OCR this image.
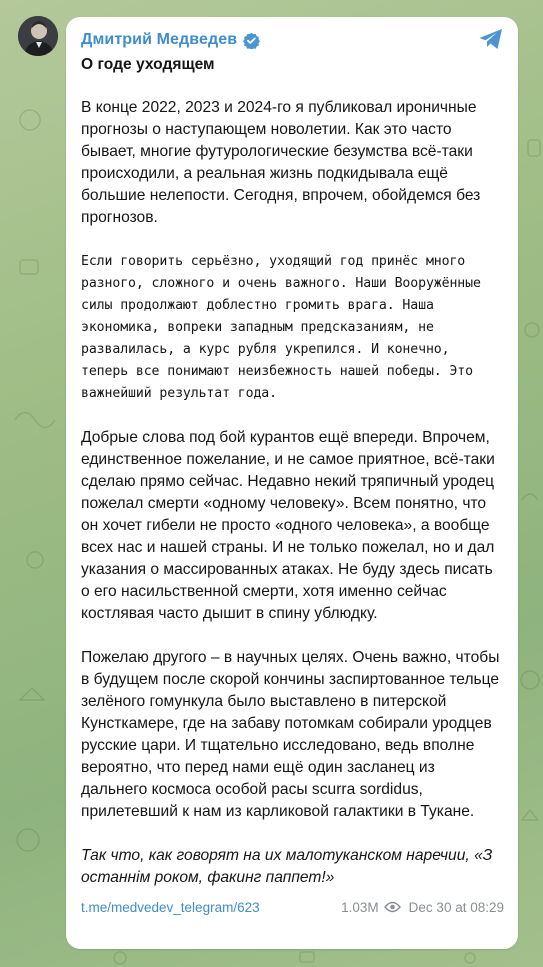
Дмитрий Медведев

О годе уходящем

В конце 2022, 2023 и 2024-го я публиковал ироничные прогнозы о наступающем новолетии. Как это часто бывает, многие футурологические безумства всё-таки происходили, а реальная жизнь подкидывала ещё большие нелепости. Сегодня, впрочем, обойдемся без прогнозов.

Если говорить серьёзно, уходящий год принёс много разного, сложного и очень важного. Наши Вооружённые силы продолжают доблестно громить врага. Наша экономика, вопреки западным предсказаниям, не развалилась, а курс рубля укрепился. И конечно, теперь все понимают неизбежность нашей победы. Это важнейший результат года.

Добрые слова под бой курантов ещё впереди. Впрочем, единственное пожелание, и не самое приятное, всё-таки сделаю прямо сейчас. Недавно некий тряпичный уродец пожелал смерти «одному человеку». Всем понятно, что он хочет гибели не просто «одного человека», а вообще всех нас и нашей страны. И не только пожелал, но и дал указания о массированных атаках. Не буду здесь писать о его насильственной смерти, хотя именно сейчас костлявая часто дышит в спину ублюдку.

Пожелаю другого – в научных целях. Очень важно, чтобы в будущем после скорой кончины заспиртованное тельце зелёного гомункула было выставлено в питерской Кунсткамере, где на забаву потомкам собирали уродцев русские цари. И тщательно исследовано, ведь вполне вероятно, что перед нами ещё один засланец из дальнего космоса особой расы scurra sordidus, прилетевший к нам из карликовой галактики в Тукане.

Так что, как говорят на их малотуканском наречии, «З останнім роком, факинг паппет!»

t.me/medvedev_telegram/623	1.03M Dec 30 at 08:29
